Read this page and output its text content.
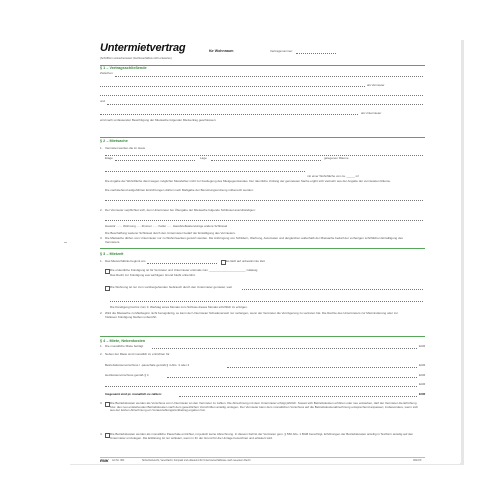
Untermietvertrag	für Wohnraum	Vertragsnummer:
(Schriftform wünschenswert; Rechtsverhältnis nicht entwerten)
§ 1 – Vertragsschließende
Zwischen
als Vermieter
und
als Untermieter
wird nach umfassender Besichtigung der Mietsache folgender Mietvertrag geschlossen:
§ 2 – Mietsache
1. Vermietet werden die im Haus
Etage	Lage	gelegenen Räume
mit einer Wohnfläche von ca. _____ m²
Die Angabe der Wohnfläche dient wegen möglicher Messfehler nicht zur Festlegung des Mietgegenstandes. Der räumliche Umfang der gemieteten Sache ergibt sich vielmehr aus der Angabe der vermieteten Räume.
Die nachstehend aufgeführten Einrichtungen dürfen nach Maßgabe der Benutzungsordnung mitbenutzt werden:
2. Der Vermieter verpflichtet sich, dem Untermieter bei Übergabe der Mietsache folgende Schlüssel auszuhändigen:
Haustür ....... Wohnung ..... Zimmer ...... Keller ...... Hausbriefkasten/einige andere Schlüssel
Die Beschaffung weiterer Schlüssel durch den Untermieter bedarf der Einwilligung des Vermieters.
3. Die Mietsache dürfen vom Untermieter nur zu Wohnzwecken genutzt werden. Die Anbringung von Schildern, Werbung, Automaten und dergleichen außerhalb der Mietsache bedarf der vorherigen schriftlichen Einwilligung des Vermieters.
§ 3 – Mietzeit
1. Das Mietverhältnis beginnt am	Es läuft auf unbestimmte Zeit
Die ordentliche Kündigung ist für Vermieter und Untermieter erstmals zum ______________________ zulässig.
Das Recht zur Kündigung aus wichtigem Grund bleibt unberührt.
Die Wohnung ist nur zum vorübergehenden Gebrauch durch den Untermieter gemietet, weil
Die Kündigung hat bis zum 3. Werktag eines Monats zum Schluss dieses Monats schriftlich zu erfolgen.
2. Wird die Mietsache zu Mietbeginn nicht bezugsfertig, so kann der Untermieter Schadenersatz nur verlangen, wenn der Vermieter die Verzögerung zu vertreten hat. Die Rechte des Untermieters zur Mietminderung oder zur fristlosen Kündigung bleiben unberührt.
§ 4 – Miete, Nebenkosten
1. Die monatliche Miete beträgt	EUR
2. Neben der Miete sind monatlich zu entrichten für
Betriebskostenvorschuss / -pauschale gemäß § 4 Abs. 3 oder 4	EUR
Heizkostenvorschuss gemäß § 4	EUR
EUR
Insgesamt sind pt. monatlich zu zahlen:	EUR
3. Die Betriebskosten werden als Vorschuss vom Untermieter an den Vermieter zu zahlen. Die Abrechnung mit dem Untermieter erfolgt jährlich. Soweit sich Betriebskosten erhöhen oder neu entstehen, darf der Vermieter die Erhöhung bzw. den neu entstehenden Betriebskosten nach dem gesetzlichen Vorschriften anteilig umlegen. Der Vermieter kann dem monatlichen Vorschuss auf die Betriebskostenabrechnung entsprechend anpassen; insbesondere, wenn sich aus der letzten Abrechnung ein Vorauszahlungsrückbetrag ergeben hat.
4. Die Betriebskosten werden als monatliche Pauschale entrichtet, ist jedoch keine Abrechnung. In diesem Fall ist der Vermieter gem. § 560 Abs. 1 BGB berechtigt, Erhöhungen der Betriebskosten anteilig in Textform anteilig auf den Untermieter umzulegen. Die Erklärung ist nur wirksam, wenn in ihr der Grund für die Umlage bezeichnet und erläutert wird.
RNK Art.Nr. 361	Sicherheitsrecht, Vereinfacht, Kompakt und erläuternd für Untermietverhältnisse nach neuestem Recht	361/XX
